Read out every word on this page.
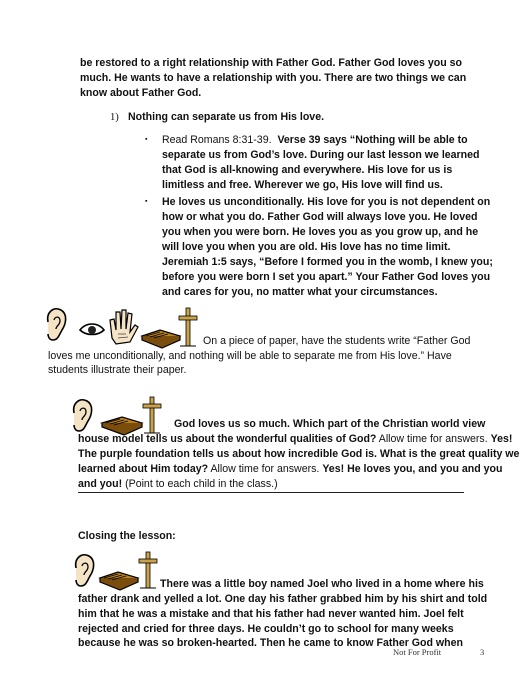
be restored to a right relationship with Father God. Father God loves you so

much. He wants to have a relationship with you. There are two things we can

know about Father God.

1) Nothing can separate us from His love.
▪ Read Romans 8:31-39. Verse 39 says “Nothing will be able to

separate us from God’s love. During our last lesson we learned

that God is all-knowing and everywhere. His love for us is

limitless and free. Wherever we go, His love will find us.

▪ He loves us unconditionally. His love for you is not dependent on

how or what you do. Father God will always love you. He loved

you when you were born. He loves you as you grow up, and he

will love you when you are old. His love has no time limit.

Jeremiah 1:5 says, “Before I formed you in the womb, I knew you;

before you were born I set you apart.” Your Father God loves you

and cares for you, no matter what your circumstances.

On a piece of paper, have the students write “Father God

loves me unconditionally, and nothing will be able to separate me from His love.” Have

students illustrate their paper.

God loves us so much. Which part of the Christian world view

house model tells us about the wonderful qualities of God? Allow time for answers. Yes!

The purple foundation tells us about how incredible God is. What is the great quality we

learned about Him today? Allow time for answers. Yes! He loves you, and you and you

and you! (Point to each child in the class.)

Closing the lesson:

There was a little boy named Joel who lived in a home where his

father drank and yelled a lot. One day his father grabbed him by his shirt and told

him that he was a mistake and that his father had never wanted him. Joel felt

rejected and cried for three days. He couldn’t go to school for many weeks

because he was so broken-hearted. Then he came to know Father God when

Not For Profit	3
